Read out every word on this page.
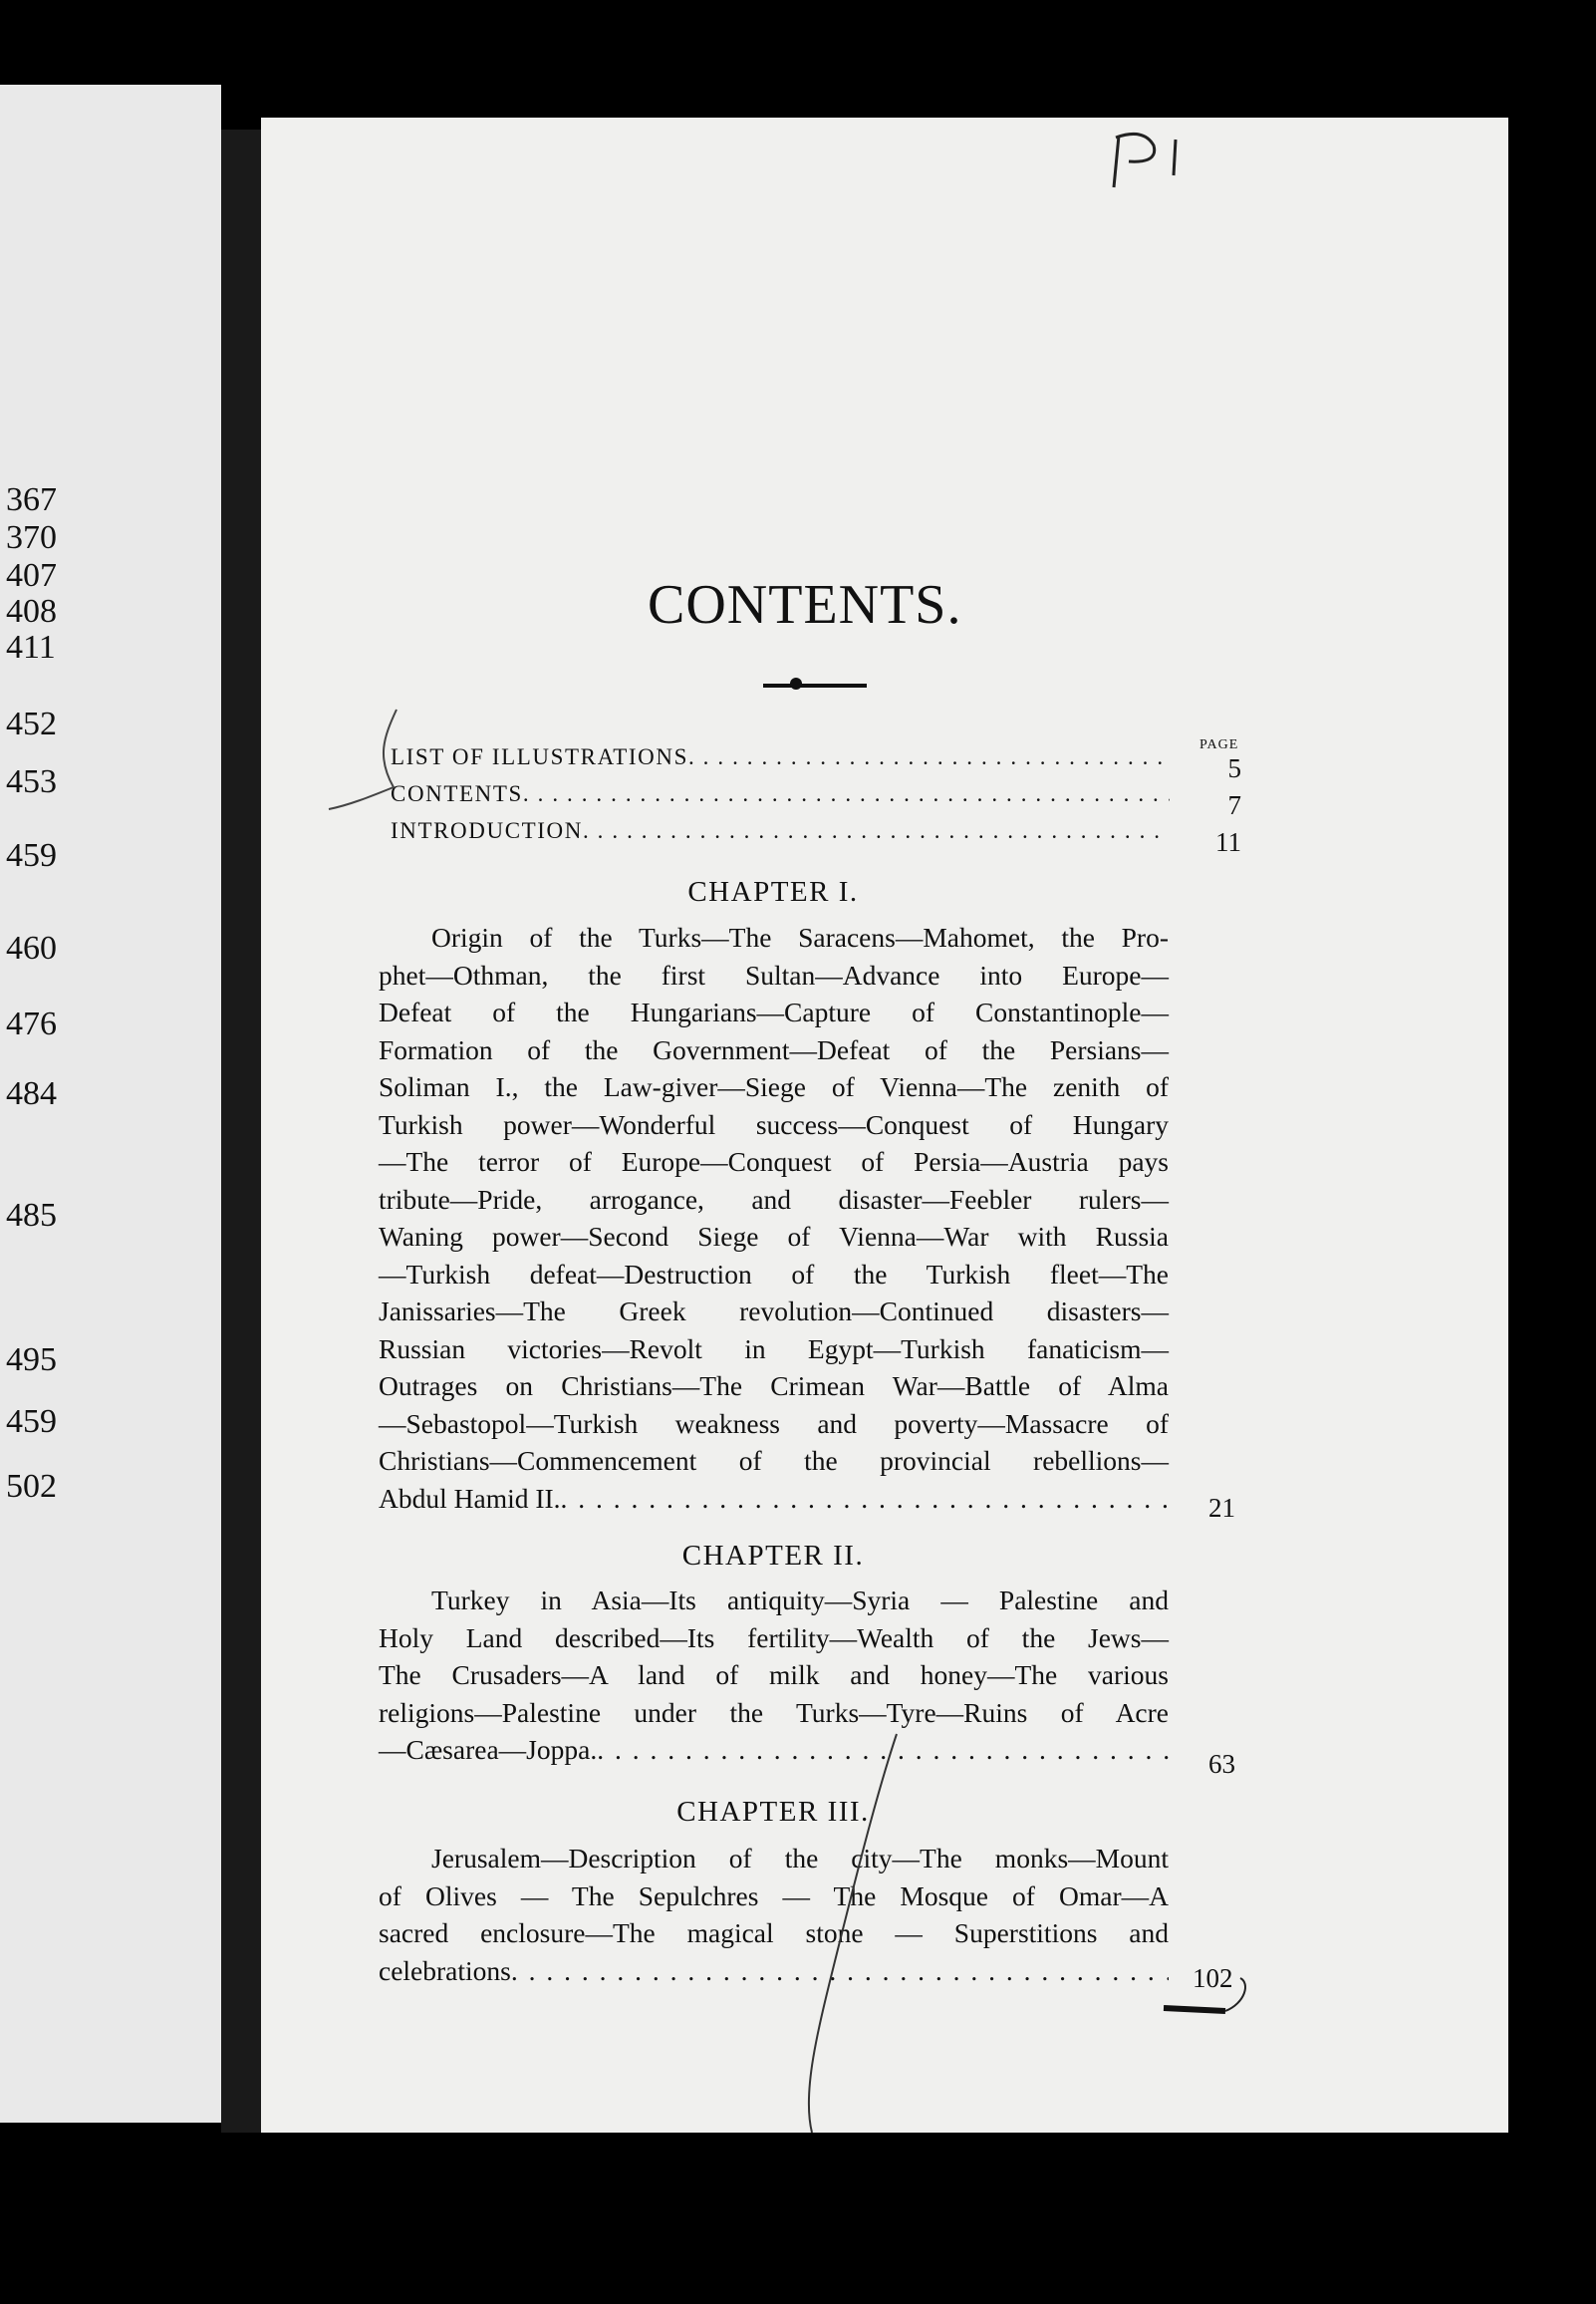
367
370
407
408
411
452
453
459
460
476
484
485
495
459
502
CONTENTS.
PAGE
LIST OF ILLUSTRATIONS . . .	5
CONTENTS . . .	7
INTRODUCTION . . .	11
CHAPTER I.
Origin of the Turks—The Saracens—Mahomet, the Pro-
phet—Othman, the first Sultan—Advance into Europe—
Defeat of the Hungarians—Capture of Constantinople—
Formation of the Government—Defeat of the Persians—
Soliman I., the Law-giver—Siege of Vienna—The zenith of
Turkish power—Wonderful success—Conquest of Hungary
—The terror of Europe—Conquest of Persia—Austria pays
tribute—Pride, arrogance, and disaster—Feebler rulers—
Waning power—Second Siege of Vienna—War with Russia
—Turkish defeat—Destruction of the Turkish fleet—The
Janissaries—The Greek revolution—Continued disasters—
Russian victories—Revolt in Egypt—Turkish fanaticism—
Outrages on Christians—The Crimean War—Battle of Alma
—Sebastopol—Turkish weakness and poverty—Massacre of
Christians—Commencement of the provincial rebellions—
Abdul Hamid II. . . .	21
CHAPTER II.
Turkey in Asia—Its antiquity—Syria — Palestine and
Holy Land described—Its fertility—Wealth of the Jews—
The Crusaders—A land of milk and honey—The various
religions—Palestine under the Turks—Tyre—Ruins of Acre
—Cæsarea—Joppa. . . .	63
CHAPTER III.
Jerusalem—Description of the city—The monks—Mount
of Olives — The Sepulchres — The Mosque of Omar—A
sacred enclosure—The magical stone — Superstitions and
celebrations . . .	102
